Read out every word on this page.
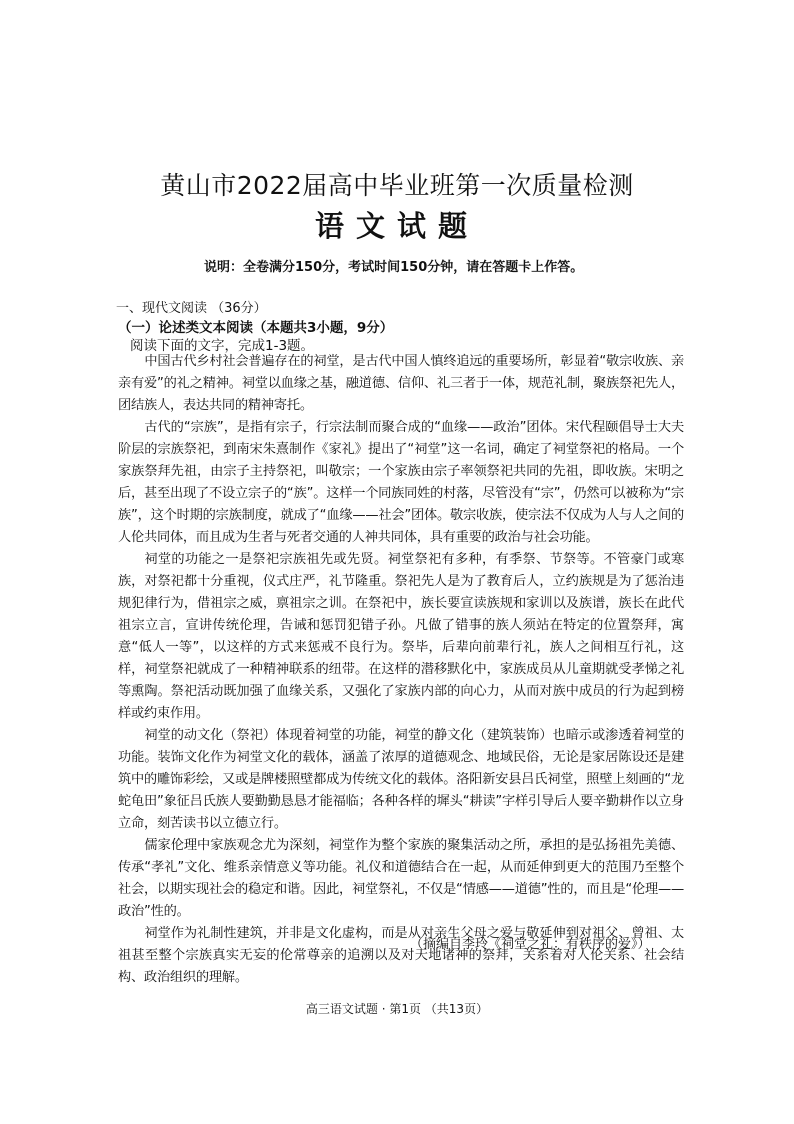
黄山市2022届高中毕业班第一次质量检测
语文试题

说明：全卷满分150分，考试时间150分钟，请在答题卡上作答。

一、现代文阅读 （36分）

（一）论述类文本阅读（本题共3小题，9分）

阅读下面的文字，完成1-3题。

中国古代乡村社会普遍存在的祠堂，是古代中国人慎终追远的重要场所，彰显着“敬宗收族、亲亲有爱”的礼之精神。祠堂以血缘之基，融道德、信仰、礼三者于一体，规范礼制，聚族祭祀先人，团结族人，表达共同的精神寄托。

古代的“宗族”，是指有宗子，行宗法制而聚合成的“血缘——政治”团体。宋代程颐倡导士大夫阶层的宗族祭祀，到南宋朱熹制作《家礼》提出了“祠堂”这一名词，确定了祠堂祭祀的格局。一个家族祭拜先祖，由宗子主持祭祀，叫敬宗；一个家族由宗子率领祭祀共同的先祖，即收族。宋明之后，甚至出现了不设立宗子的“族”。这样一个同族同姓的村落，尽管没有“宗”，仍然可以被称为“宗族”，这个时期的宗族制度，就成了“血缘——社会”团体。敬宗收族，使宗法不仅成为人与人之间的人伦共同体，而且成为生者与死者交通的人神共同体，具有重要的政治与社会功能。

祠堂的功能之一是祭祀宗族祖先或先贤。祠堂祭祀有多种，有季祭、节祭等。不管豪门或寒族，对祭祀都十分重视，仪式庄严，礼节隆重。祭祀先人是为了教育后人，立约族规是为了惩治违规犯律行为，借祖宗之威，禀祖宗之训。在祭祀中，族长要宣读族规和家训以及族谱，族长在此代祖宗立言，宣讲传统伦理，告诫和惩罚犯错子孙。凡做了错事的族人须站在特定的位置祭拜，寓意“低人一等”，以这样的方式来惩戒不良行为。祭毕，后辈向前辈行礼，族人之间相互行礼，这样，祠堂祭祀就成了一种精神联系的纽带。在这样的潜移默化中，家族成员从儿童期就受孝悌之礼等熏陶。祭祀活动既加强了血缘关系，又强化了家族内部的向心力，从而对族中成员的行为起到榜样或约束作用。

祠堂的动文化（祭祀）体现着祠堂的功能，祠堂的静文化（建筑装饰）也暗示或渗透着祠堂的功能。装饰文化作为祠堂文化的载体，涵盖了浓厚的道德观念、地域民俗，无论是家居陈设还是建筑中的雕饰彩绘，又或是牌楼照壁都成为传统文化的载体。洛阳新安县吕氏祠堂，照壁上刻画的“龙蛇龟田”象征吕氏族人要勤勤恳恳才能福临；各种各样的墀头“耕读”字样引导后人要辛勤耕作以立身立命，刻苦读书以立德立行。

儒家伦理中家族观念尤为深刻，祠堂作为整个家族的聚集活动之所，承担的是弘扬祖先美德、传承“孝礼”文化、维系亲情意义等功能。礼仪和道德结合在一起，从而延伸到更大的范围乃至整个社会，以期实现社会的稳定和谐。因此，祠堂祭礼，不仅是“情感——道德”性的，而且是“伦理——政治”性的。

祠堂作为礼制性建筑，并非是文化虚构，而是从对亲生父母之爱与敬延伸到对祖父、曾祖、太祖甚至整个宗族真实无妄的伦常尊亲的追溯以及对天地诸神的祭拜，关系着对人伦关系、社会结构、政治组织的理解。

（摘编自李玲《祠堂之礼：有秩序的爱》）

高三语文试题 · 第1页 （共13页）
